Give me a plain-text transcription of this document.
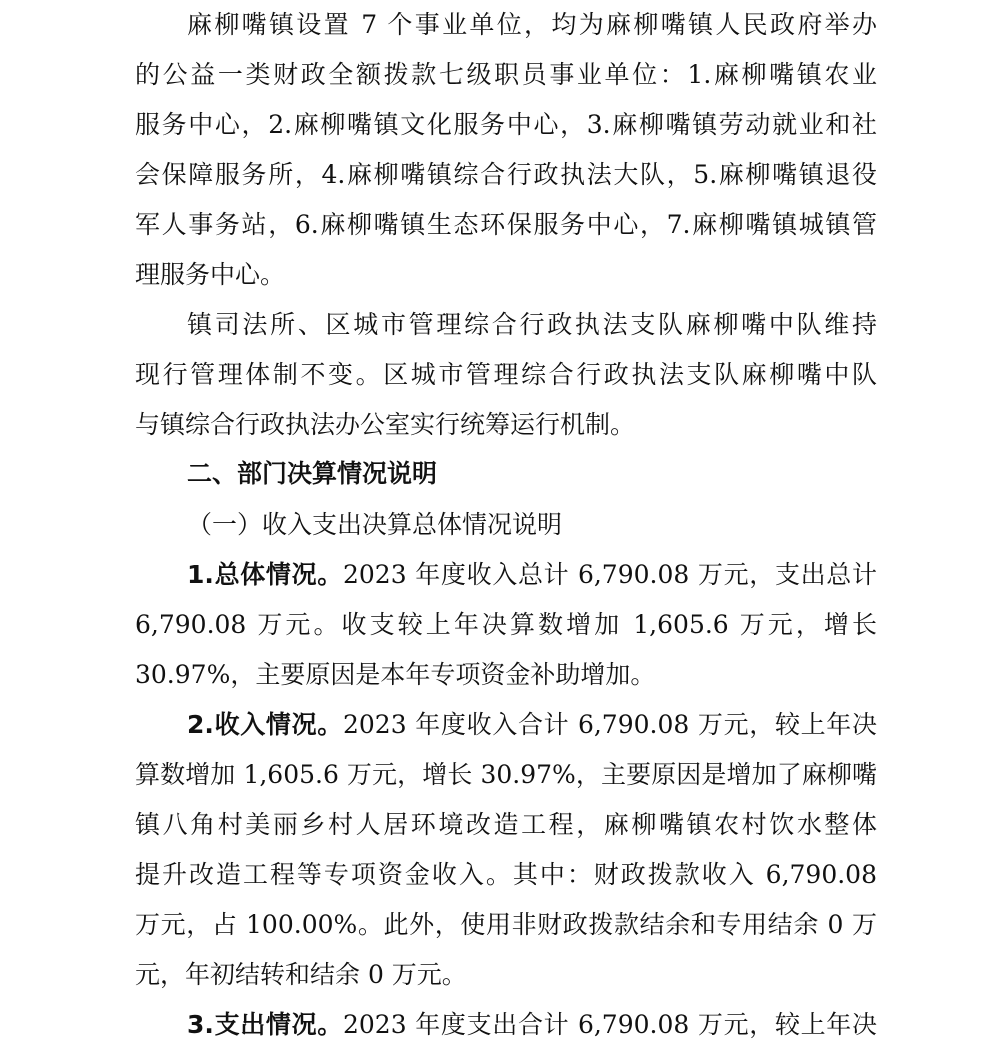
麻柳嘴镇设置 7 个事业单位，均为麻柳嘴镇人民政府举办
的公益一类财政全额拨款七级职员事业单位：1.麻柳嘴镇农业
服务中心，2.麻柳嘴镇文化服务中心，3.麻柳嘴镇劳动就业和社
会保障服务所，4.麻柳嘴镇综合行政执法大队，5.麻柳嘴镇退役
军人事务站，6.麻柳嘴镇生态环保服务中心，7.麻柳嘴镇城镇管
理服务中心。
镇司法所、区城市管理综合行政执法支队麻柳嘴中队维持
现行管理体制不变。区城市管理综合行政执法支队麻柳嘴中队
与镇综合行政执法办公室实行统筹运行机制。
二、部门决算情况说明
（一）收入支出决算总体情况说明
1.总体情况。2023 年度收入总计 6,790.08 万元，支出总计
6,790.08 万元。收支较上年决算数增加 1,605.6 万元，增长
30.97%，主要原因是本年专项资金补助增加。
2.收入情况。2023 年度收入合计 6,790.08 万元，较上年决
算数增加 1,605.6 万元，增长 30.97%，主要原因是增加了麻柳嘴
镇八角村美丽乡村人居环境改造工程，麻柳嘴镇农村饮水整体
提升改造工程等专项资金收入。其中：财政拨款收入 6,790.08
万元，占 100.00%。此外，使用非财政拨款结余和专用结余 0 万
元，年初结转和结余 0 万元。
3.支出情况。2023 年度支出合计 6,790.08 万元，较上年决
